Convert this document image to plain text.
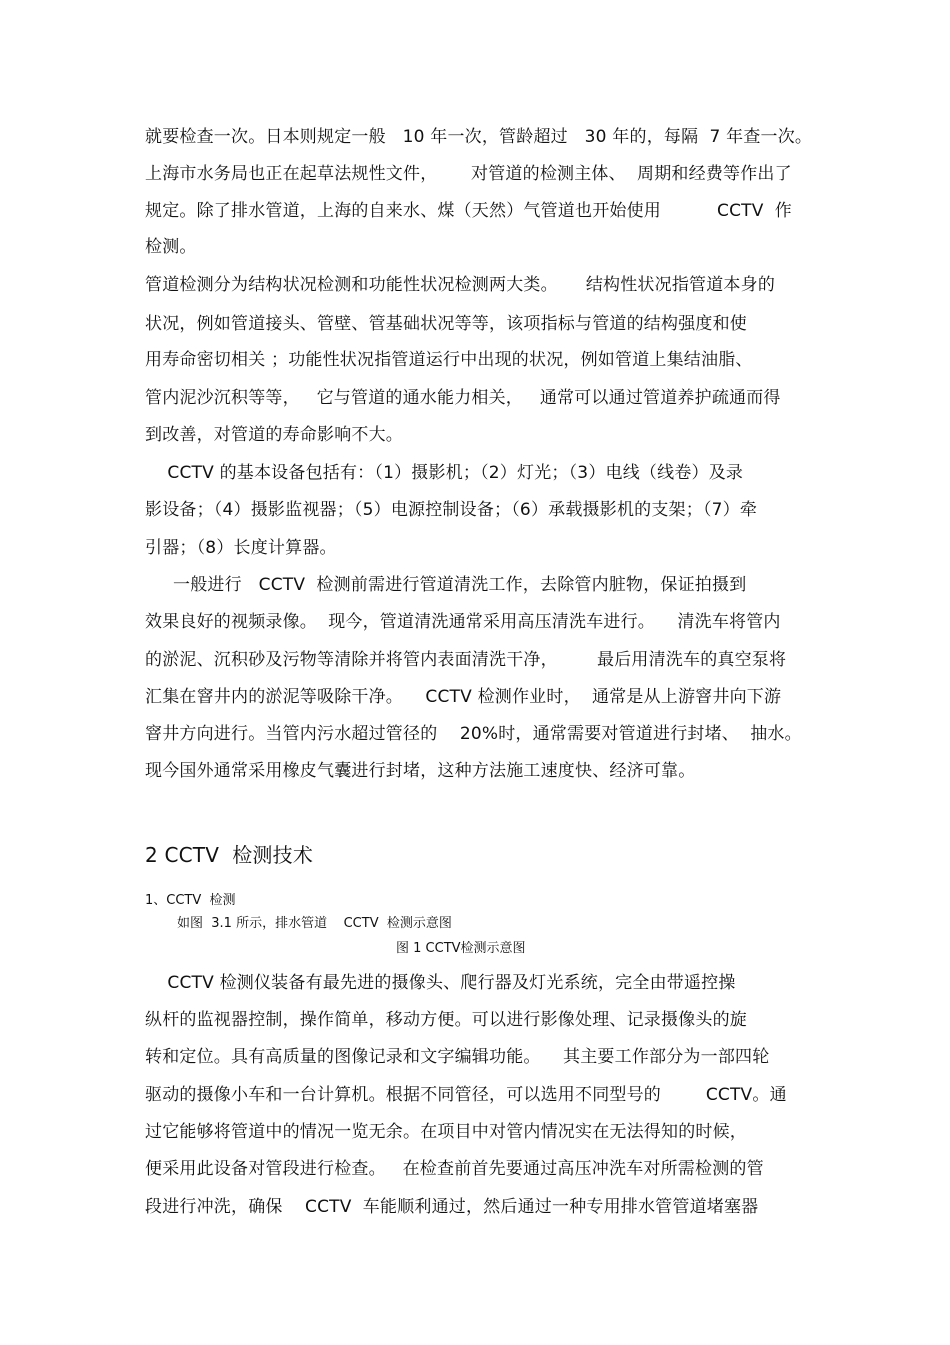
就要检查一次。日本则规定一般   10 年一次，管龄超过   30 年的，每隔  7 年查一次。
上海市水务局也正在起草法规性文件，      对管道的检测主体、  周期和经费等作出了
规定。除了排水管道，上海的自来水、煤（天然）气管道也开始使用          CCTV  作
检测。
管道检测分为结构状况检测和功能性状况检测两大类。     结构性状况指管道本身的
状况，例如管道接头、管壁、管基础状况等等，该项指标与管道的结构强度和使
用寿命密切相关 ；功能性状况指管道运行中出现的状况，例如管道上集结油脂、
管内泥沙沉积等等，   它与管道的通水能力相关，   通常可以通过管道养护疏通而得
到改善，对管道的寿命影响不大。
CCTV 的基本设备包括有：（1）摄影机；（2）灯光；（3）电线（线卷）及录
影设备；（4）摄影监视器；（5）电源控制设备；（6）承载摄影机的支架；（7）牵
引器；（8）长度计算器。
一般进行   CCTV  检测前需进行管道清洗工作，去除管内脏物，保证拍摄到
效果良好的视频录像。  现今，管道清洗通常采用高压清洗车进行。    清洗车将管内
的淤泥、沉积砂及污物等清除并将管内表面清洗干净，       最后用清洗车的真空泵将
汇集在窨井内的淤泥等吸除干净。    CCTV 检测作业时，  通常是从上游窨井向下游
窨井方向进行。当管内污水超过管径的    20%时，通常需要对管道进行封堵、  抽水。
现今国外通常采用橡皮气囊进行封堵，这种方法施工速度快、经济可靠。
2 CCTV  检测技术
1、CCTV  检测
如图  3.1 所示，排水管道    CCTV  检测示意图
图 1 CCTV检测示意图
CCTV 检测仪装备有最先进的摄像头、爬行器及灯光系统，完全由带遥控操
纵杆的监视器控制，操作简单，移动方便。可以进行影像处理、记录摄像头的旋
转和定位。具有高质量的图像记录和文字编辑功能。    其主要工作部分为一部四轮
驱动的摄像小车和一台计算机。根据不同管径，可以选用不同型号的        CCTV。通
过它能够将管道中的情况一览无余。在项目中对管内情况实在无法得知的时候，
便采用此设备对管段进行检查。   在检查前首先要通过高压冲洗车对所需检测的管
段进行冲洗，确保    CCTV  车能顺利通过，然后通过一种专用排水管管道堵塞器
